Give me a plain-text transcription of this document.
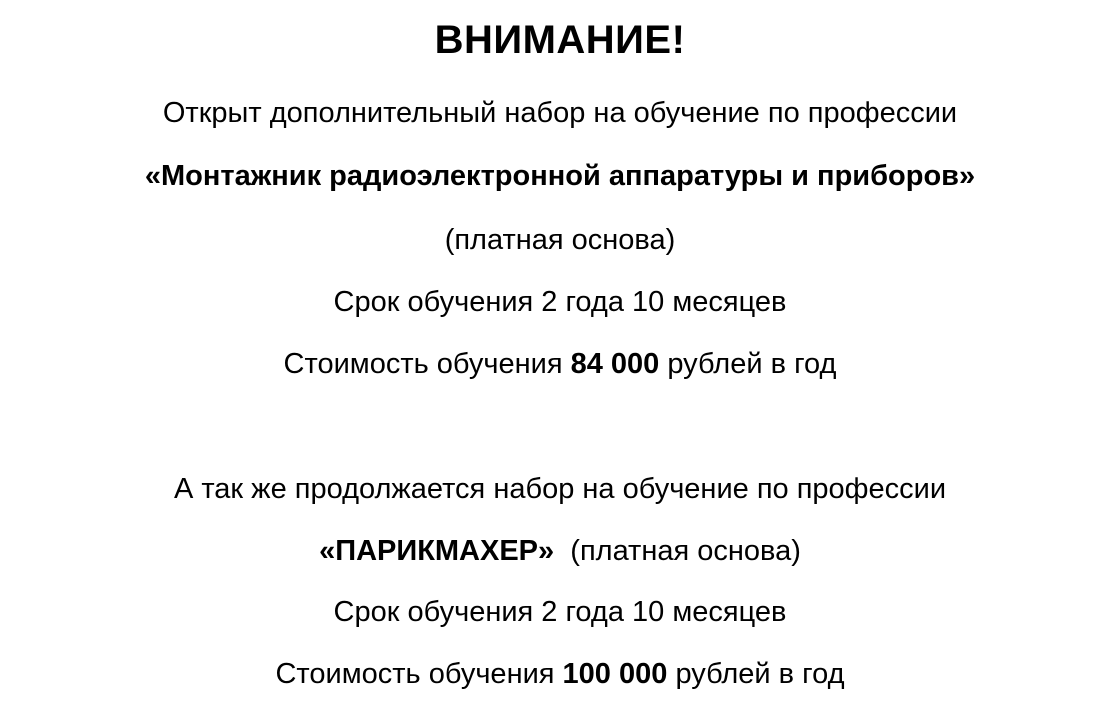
ВНИМАНИЕ!
Открыт дополнительный набор на обучение по профессии
«Монтажник радиоэлектронной аппаратуры и приборов»
(платная основа)
Срок обучения 2 года 10 месяцев
Стоимость обучения 84 000 рублей в год
А так же продолжается набор на обучение по профессии
«ПАРИКМАХЕР» (платная основа)
Срок обучения 2 года 10 месяцев
Стоимость обучения 100 000 рублей в год
